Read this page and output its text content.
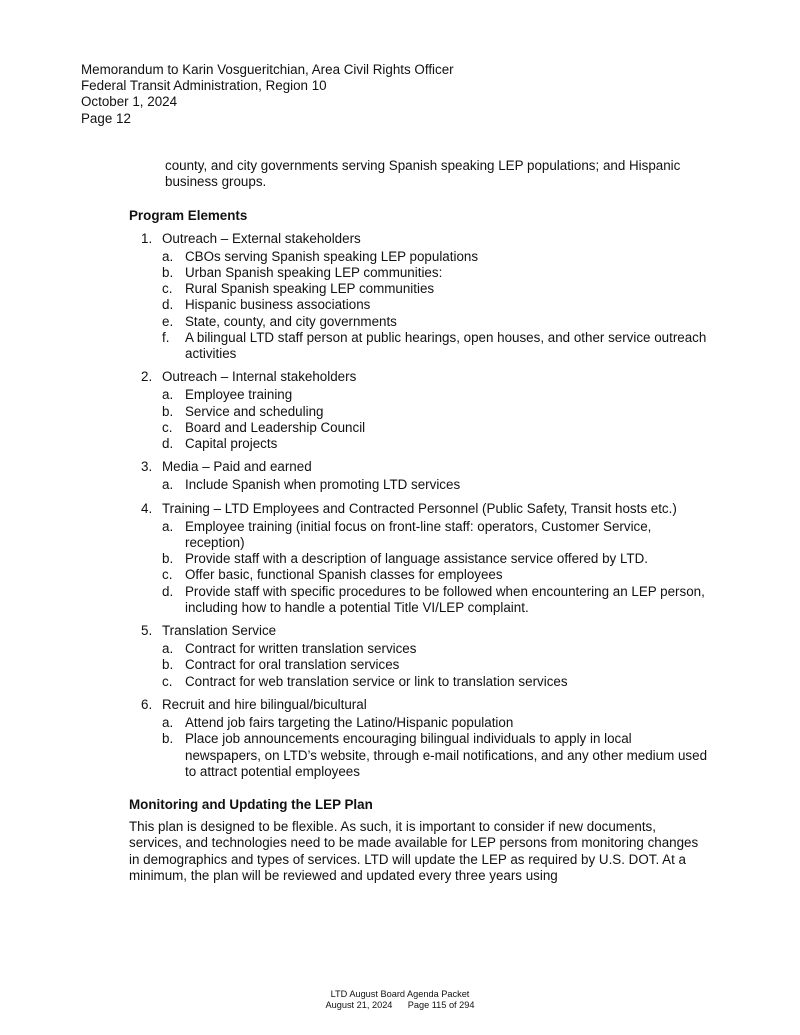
Memorandum to Karin Vosgueritchian, Area Civil Rights Officer
Federal Transit Administration, Region 10
October 1, 2024
Page 12
county, and city governments serving Spanish speaking LEP populations; and Hispanic business groups.
Program Elements
1. Outreach – External stakeholders
a. CBOs serving Spanish speaking LEP populations
b. Urban Spanish speaking LEP communities:
c. Rural Spanish speaking LEP communities
d. Hispanic business associations
e. State, county, and city governments
f.	A bilingual LTD staff person at public hearings, open houses, and other service outreach activities
2. Outreach – Internal stakeholders
a. Employee training
b. Service and scheduling
c. Board and Leadership Council
d. Capital projects
3. Media – Paid and earned
a. Include Spanish when promoting LTD services
4. Training – LTD Employees and Contracted Personnel (Public Safety, Transit hosts etc.)
a. Employee training (initial focus on front-line staff: operators, Customer Service, reception)
b. Provide staff with a description of language assistance service offered by LTD.
c. Offer basic, functional Spanish classes for employees
d. Provide staff with specific procedures to be followed when encountering an LEP person, including how to handle a potential Title VI/LEP complaint.
5. Translation Service
a. Contract for written translation services
b. Contract for oral translation services
c. Contract for web translation service or link to translation services
6. Recruit and hire bilingual/bicultural
a. Attend job fairs targeting the Latino/Hispanic population
b. Place job announcements encouraging bilingual individuals to apply in local newspapers, on LTD’s website, through e-mail notifications, and any other medium used to attract potential employees
Monitoring and Updating the LEP Plan
This plan is designed to be flexible. As such, it is important to consider if new documents, services, and technologies need to be made available for LEP persons from monitoring changes in demographics and types of services. LTD will update the LEP as required by U.S. DOT. At a minimum, the plan will be reviewed and updated every three years using
LTD August Board Agenda Packet
August 21, 2024      Page 115 of 294
